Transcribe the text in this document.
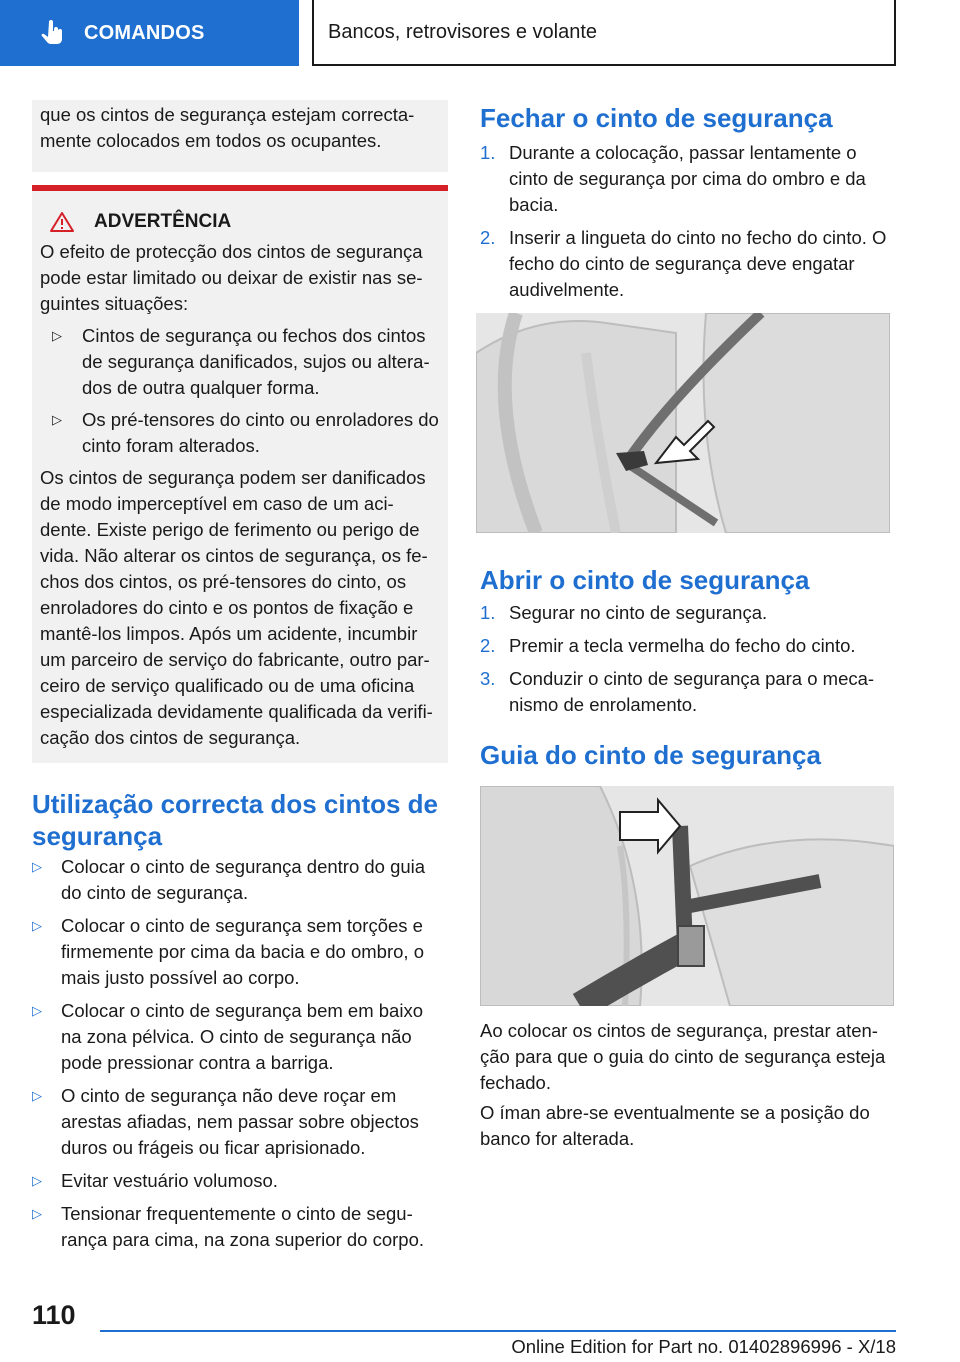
COMANDOS	Bancos, retrovisores e volante
que os cintos de segurança estejam correcta-mente colocados em todos os ocupantes.
ADVERTÊNCIA
O efeito de protecção dos cintos de segurança pode estar limitado ou deixar de existir nas se-guintes situações:
▷	Cintos de segurança ou fechos dos cintos de segurança danificados, sujos ou altera-dos de outra qualquer forma.
▷	Os pré-tensores do cinto ou enroladores do cinto foram alterados.
Os cintos de segurança podem ser danificados de modo imperceptível em caso de um aci-dente. Existe perigo de ferimento ou perigo de vida. Não alterar os cintos de segurança, os fe-chos dos cintos, os pré-tensores do cinto, os enroladores do cinto e os pontos de fixação e mantê-los limpos. Após um acidente, incumbir um parceiro de serviço do fabricante, outro par-ceiro de serviço qualificado ou de uma oficina especializada devidamente qualificada da verifi-cação dos cintos de segurança.
Utilização correcta dos cintos de segurança
▷	Colocar o cinto de segurança dentro do guia do cinto de segurança.
▷	Colocar o cinto de segurança sem torções e firmemente por cima da bacia e do ombro, o mais justo possível ao corpo.
▷	Colocar o cinto de segurança bem em baixo na zona pélvica. O cinto de segurança não pode pressionar contra a barriga.
▷	O cinto de segurança não deve roçar em arestas afiadas, nem passar sobre objectos duros ou frágeis ou ficar aprisionado.
▷	Evitar vestuário volumoso.
▷	Tensionar frequentemente o cinto de segu-rança para cima, na zona superior do corpo.
Fechar o cinto de segurança
1. Durante a colocação, passar lentamente o cinto de segurança por cima do ombro e da bacia.
2. Inserir a lingueta do cinto no fecho do cinto. O fecho do cinto de segurança deve engatar audivelmente.
Abrir o cinto de segurança
1. Segurar no cinto de segurança.
2. Premir a tecla vermelha do fecho do cinto.
3. Conduzir o cinto de segurança para o meca-nismo de enrolamento.
Guia do cinto de segurança
Ao colocar os cintos de segurança, prestar aten-ção para que o guia do cinto de segurança esteja fechado.
O íman abre-se eventualmente se a posição do banco for alterada.
110
Online Edition for Part no. 01402896996 - X/18
